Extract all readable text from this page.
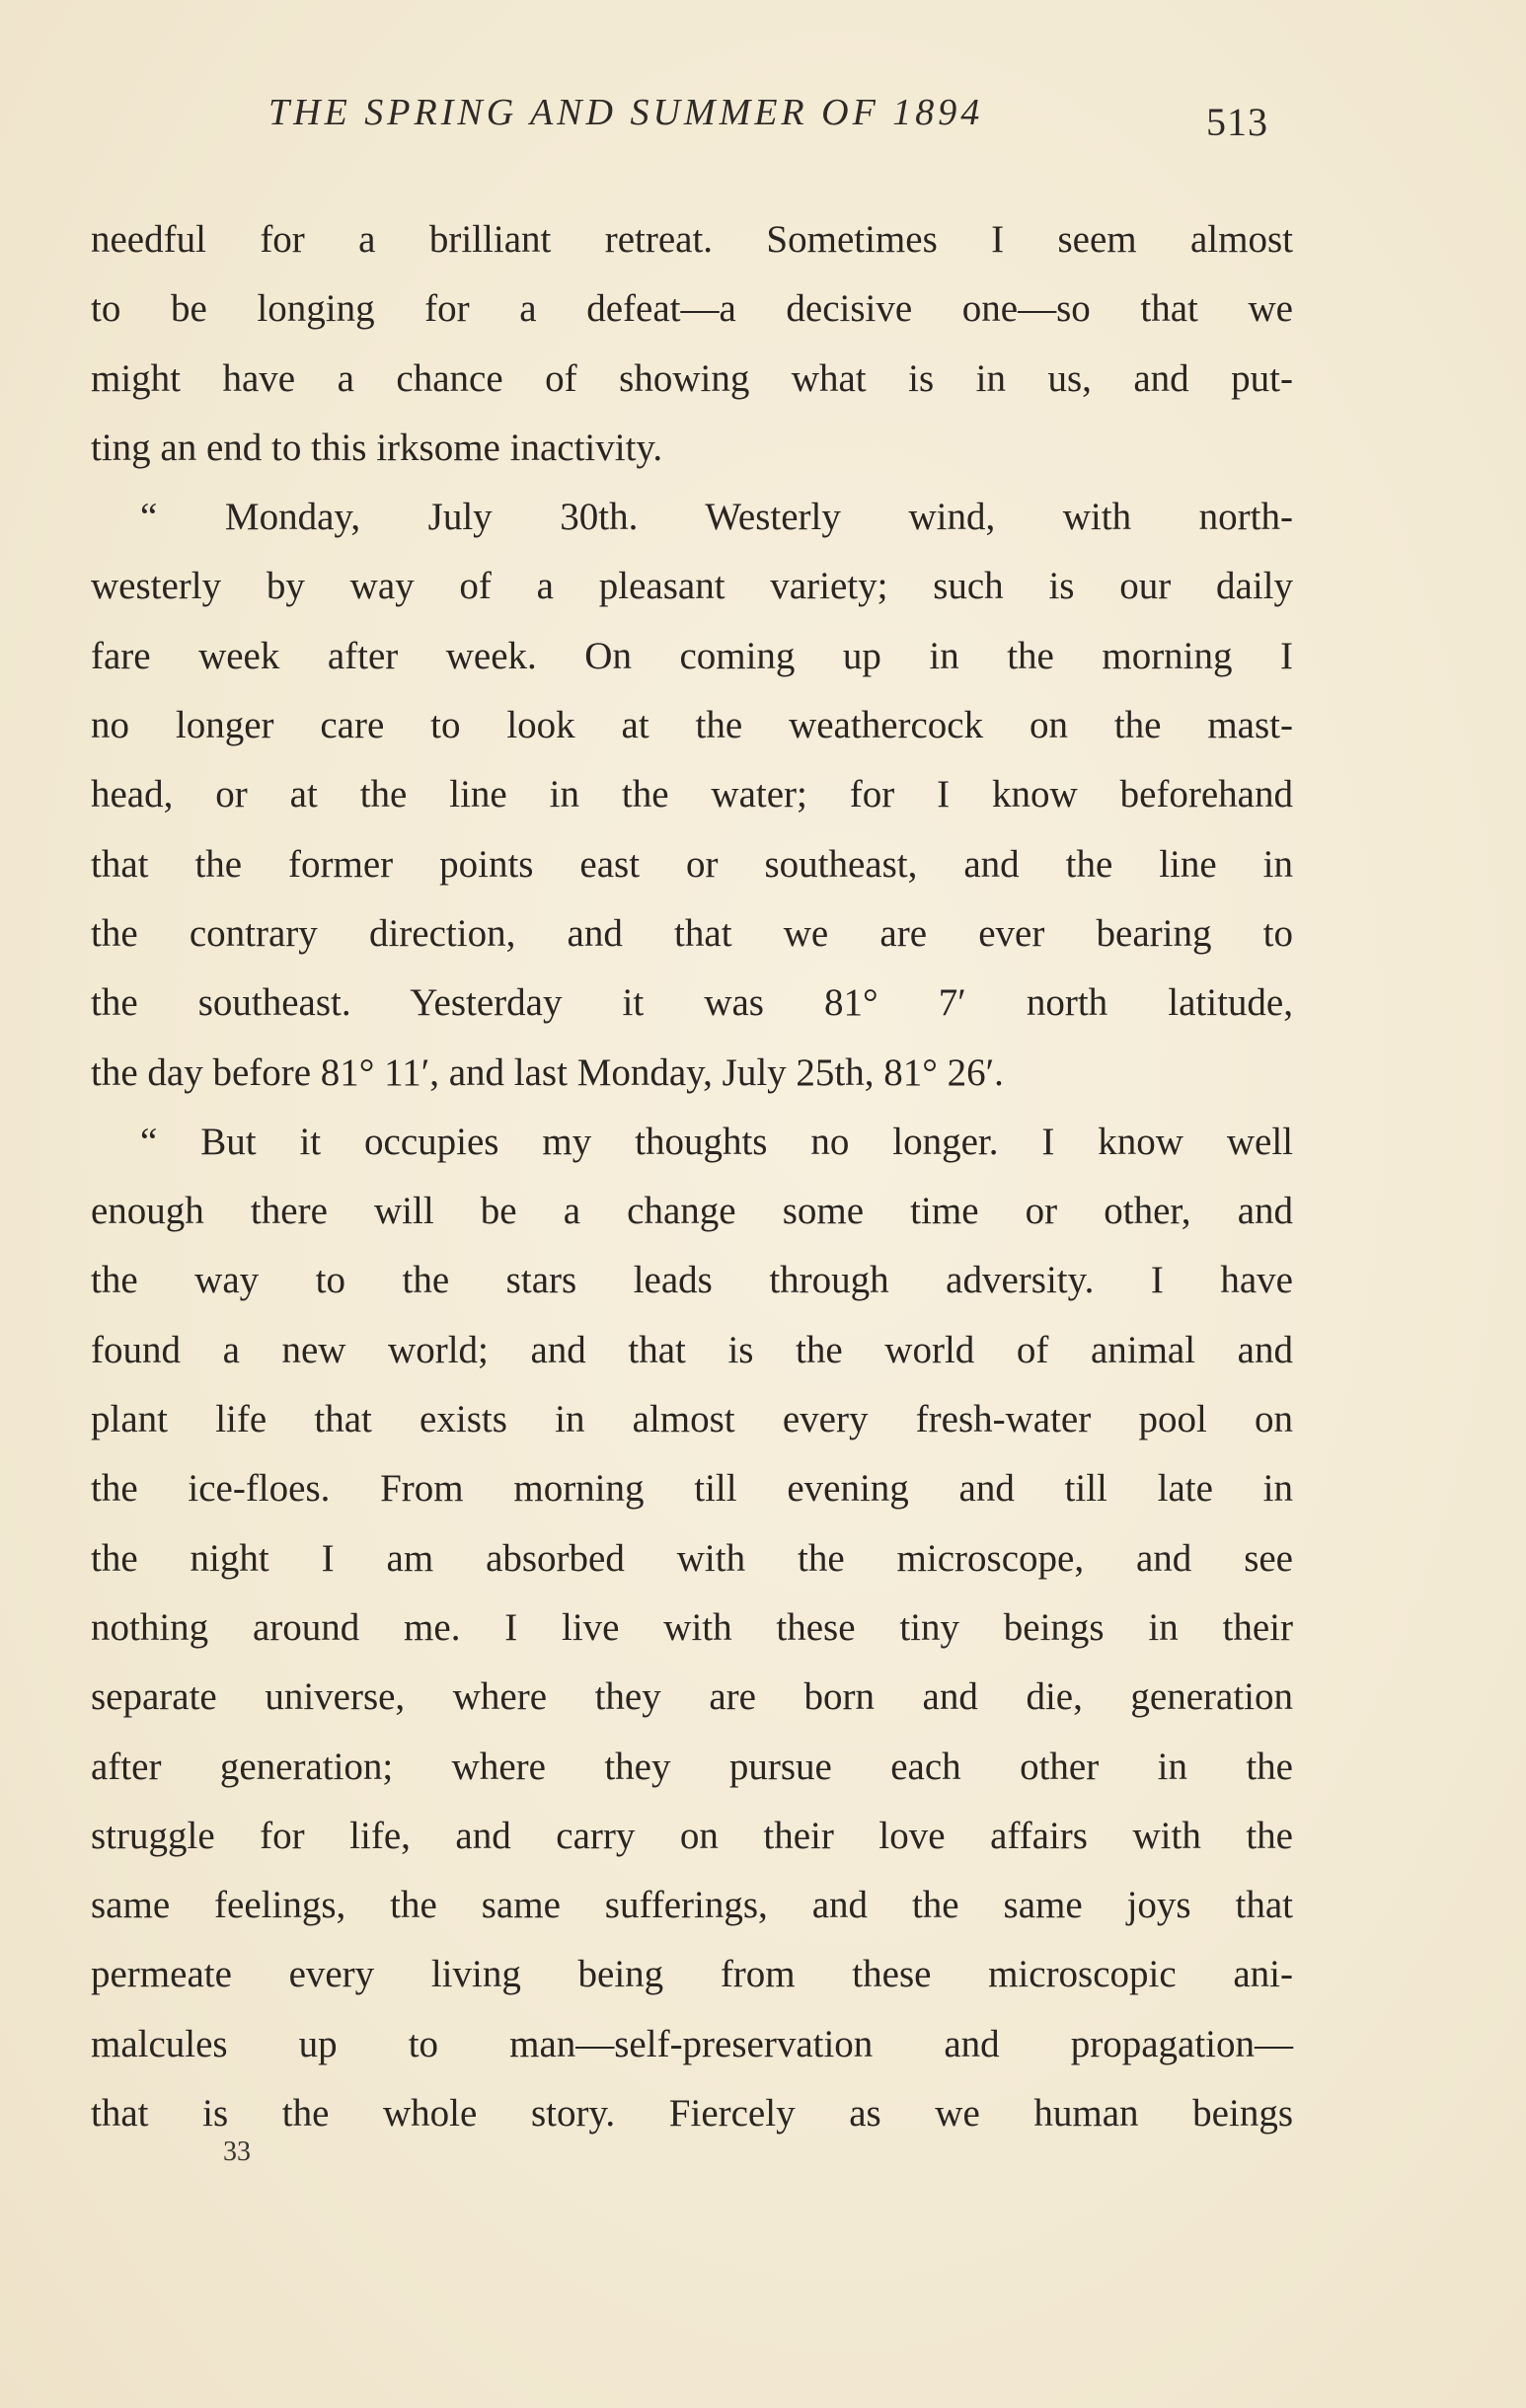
THE SPRING AND SUMMER OF 1894	513
needful for a brilliant retreat. Sometimes I seem almost
to be longing for a defeat—a decisive one—so that we
might have a chance of showing what is in us, and put-
ting an end to this irksome inactivity.
“ Monday, July 30th. Westerly wind, with north-
westerly by way of a pleasant variety; such is our daily
fare week after week. On coming up in the morning I
no longer care to look at the weathercock on the mast-
head, or at the line in the water; for I know beforehand
that the former points east or southeast, and the line in
the contrary direction, and that we are ever bearing to
the southeast. Yesterday it was 81° 7′ north latitude,
the day before 81° 11′, and last Monday, July 25th, 81° 26′.
“ But it occupies my thoughts no longer. I know well
enough there will be a change some time or other, and
the way to the stars leads through adversity. I have
found a new world; and that is the world of animal and
plant life that exists in almost every fresh-water pool on
the ice-floes. From morning till evening and till late in
the night I am absorbed with the microscope, and see
nothing around me. I live with these tiny beings in their
separate universe, where they are born and die, generation
after generation; where they pursue each other in the
struggle for life, and carry on their love affairs with the
same feelings, the same sufferings, and the same joys that
permeate every living being from these microscopic ani-
malcules up to man—self-preservation and propagation—
that is the whole story. Fiercely as we human beings
33
